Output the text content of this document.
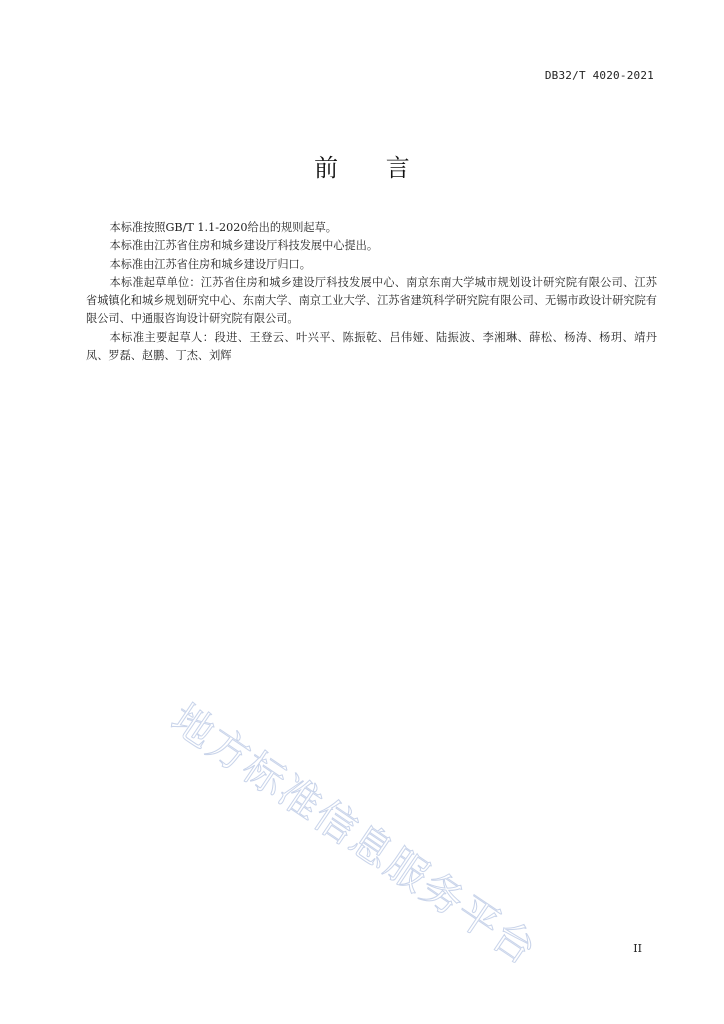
DB32/T 4020-2021
前 言

本标准按照GB/T 1.1-2020给出的规则起草。

本标准由江苏省住房和城乡建设厅科技发展中心提出。

本标准由江苏省住房和城乡建设厅归口。

本标准起草单位：江苏省住房和城乡建设厅科技发展中心、南京东南大学城市规划设计研究院有限公司、江苏省城镇化和城乡规划研究中心、东南大学、南京工业大学、江苏省建筑科学研究院有限公司、无锡市政设计研究院有限公司、中通服咨询设计研究院有限公司。

本标准主要起草人：段进、王登云、叶兴平、陈振乾、吕伟娅、陆振波、李湘琳、薛松、杨涛、杨玥、靖丹凤、罗磊、赵鹏、丁杰、刘辉

地方标准信息服务平台	II
